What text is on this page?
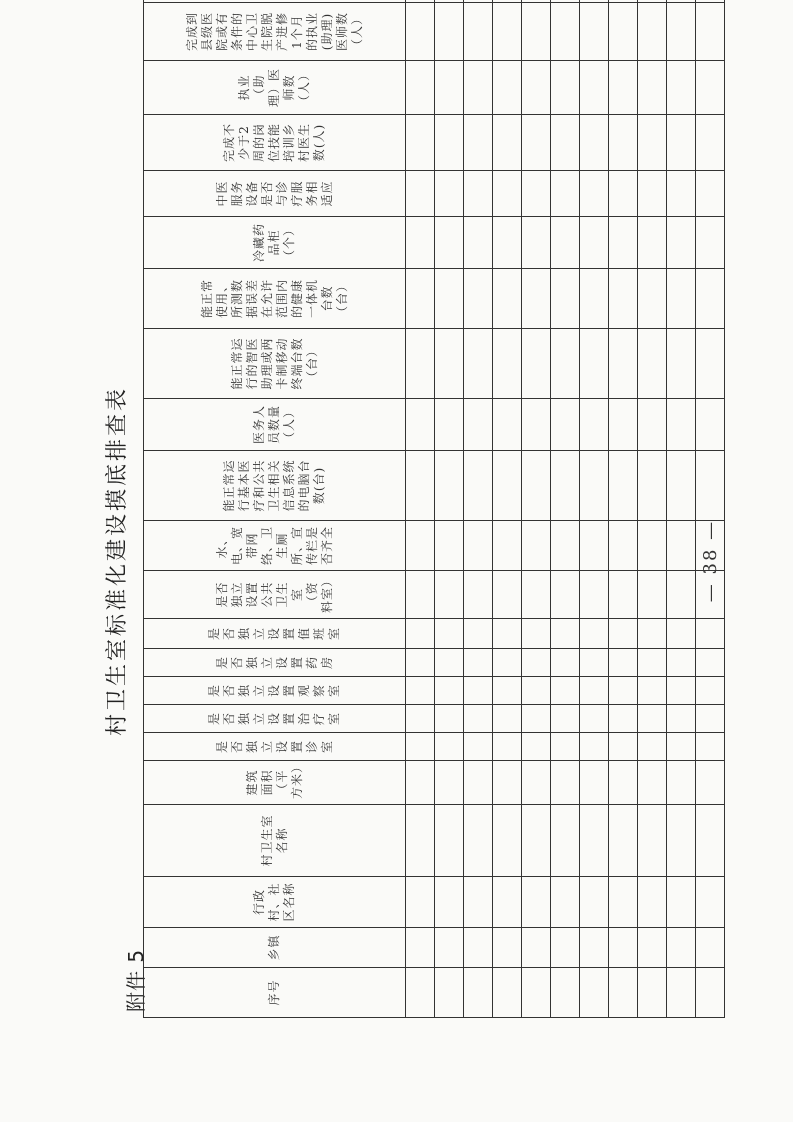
附件 5
村卫生室标准化建设摸底排查表
序号	乡镇	行政村、社区名称	村卫生室名称	建筑面积（平方米）	是否独立设置诊室	是否独立设置治疗室	是否独立设置观察室	是否独立设置药房	是否独立设置值班室	是否独立设置公共卫生室（资料室）	水、电、宽带网络、卫生厕所、宣传栏是否齐全	能正常运行基本医疗和公共卫生相关信息系统的电脑台数(台)	医务人员数量（人）	能正常运行的智医助理或两卡制移动终端台数（台）	能正常使用、所测数据误差在允许范围内的健康一体机台数（台）	冷藏药品柜（个）	中医服务设备是否与诊疗服务相适应	完成不少于2周的岗位技能培训乡村医生数(人)	执业（助理）医师数（人）	完成到县级医院或有条件的中心卫生院脱产进修1个月的执业(助理)医师数（人）	

— 38 —
